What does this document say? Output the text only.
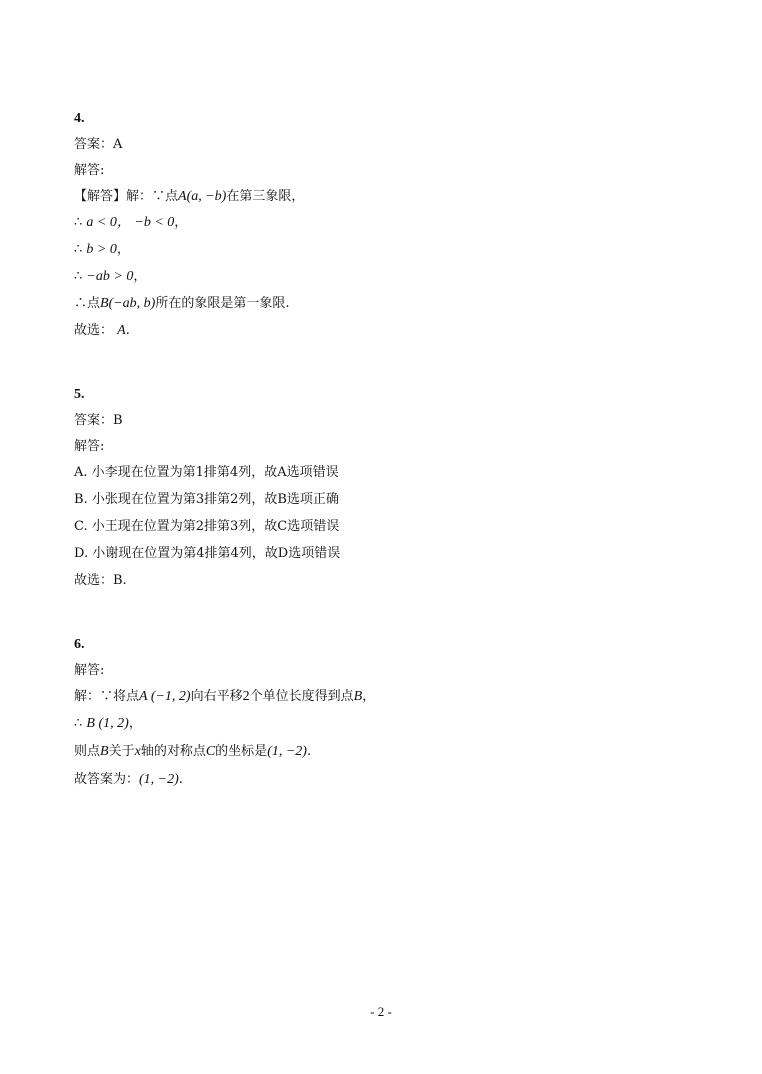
4.
答案：A
解答:
【解答】解：∵点A(a, −b)在第三象限，
∴ a < 0， −b < 0，
∴ b > 0，
∴ −ab > 0，
∴点B(−ab, b)所在的象限是第一象限.
故选： A.
5.
答案：B
解答:
A. 小李现在位置为第1排第4列，故A选项错误
B. 小张现在位置为第3排第2列，故B选项正确
C. 小王现在位置为第2排第3列，故C选项错误
D. 小谢现在位置为第4排第4列，故D选项错误
故选：B.
6.
解答:
解：∵将点A (−1, 2)向右平移2个单位长度得到点B，
∴ B (1, 2)，
则点B关于x轴的对称点C的坐标是(1, −2).
故答案为：(1, −2).
- 2 -
